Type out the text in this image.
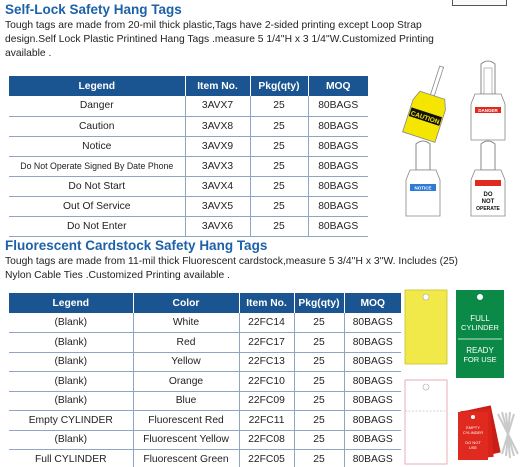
Self-Lock Safety Hang Tags
Tough tags are made from 20-mil thick plastic,Tags have 2-sided printing except Loop Strap
design.Self Lock Plastic Printined Hang Tags .measure 5 1/4''H x 3 1/4''W.Customized Printing
available .
Legend	Item No.	Pkg(qty)	MOQ
Danger	3AVX7	25	80BAGS
Caution	3AVX8	25	80BAGS
Notice	3AVX9	25	80BAGS
Do Not Operate Signed By Date Phone	3AVX3	25	80BAGS
Do Not Start	3AVX4	25	80BAGS
Out Of Service	3AVX5	25	80BAGS
Do Not Enter	3AVX6	25	80BAGS
CAUTION	DANGER
NOTICE
DO
NOT
OPERATE
Fluorescent Cardstock Safety Hang Tags
Tough tags are made from 11-mil thick Fluorescent cardstock,measure 5 3/4''H x 3''W. Includes (25)
Nylon Cable Ties .Customized Printing available .
Legend	Color	Item No.	Pkg(qty)	MOQ
(Blank)	White	22FC14	25	80BAGS
(Blank)	Red	22FC17	25	80BAGS
(Blank)	Yellow	22FC13	25	80BAGS
(Blank)	Orange	22FC10	25	80BAGS
(Blank)	Blue	22FC09	25	80BAGS
Empty CYLINDER	Fluorescent Red	22FC11	25	80BAGS
(Blank)	Fluorescent Yellow	22FC08	25	80BAGS
Full CYLINDER	Fluorescent Green	22FC05	25	80BAGS
FULL
CYLINDER
READY
FOR USE
EMPTY
CYLINDER
DO NOT
USE
